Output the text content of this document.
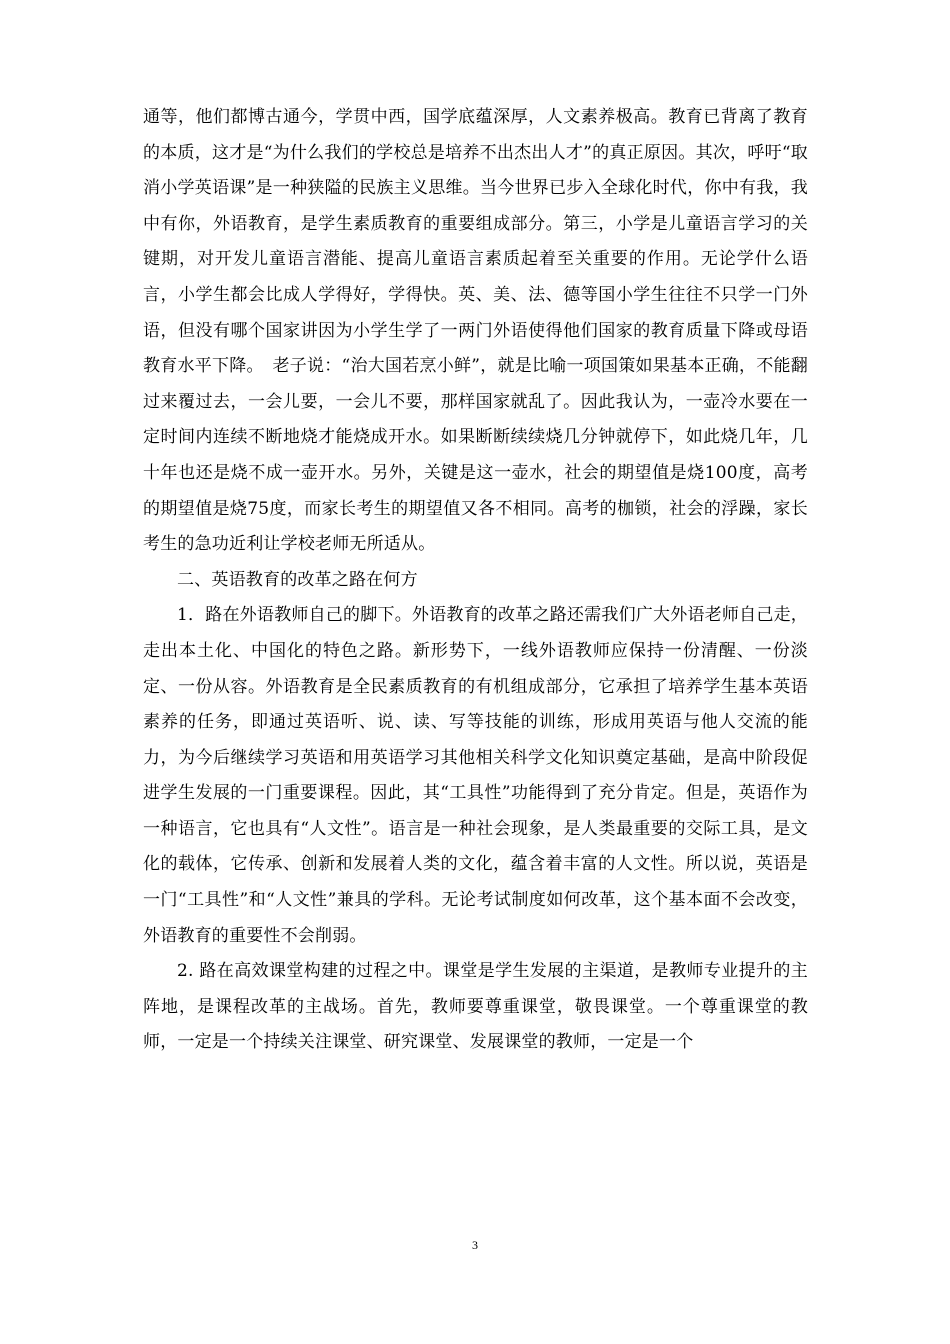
通等，他们都博古通今，学贯中西，国学底蕴深厚，人文素养极高。教育已背离了教育的本质，这才是“为什么我们的学校总是培养不出杰出人才”的真正原因。其次，呼吁“取消小学英语课”是一种狭隘的民族主义思维。当今世界已步入全球化时代，你中有我，我中有你，外语教育，是学生素质教育的重要组成部分。第三，小学是儿童语言学习的关键期，对开发儿童语言潜能、提高儿童语言素质起着至关重要的作用。无论学什么语言，小学生都会比成人学得好，学得快。英、美、法、德等国小学生往往不只学一门外语，但没有哪个国家讲因为小学生学了一两门外语使得他们国家的教育质量下降或母语教育水平下降。　老子说：“治大国若烹小鲜”，就是比喻一项国策如果基本正确，不能翻过来覆过去，一会儿要，一会儿不要，那样国家就乱了。因此我认为，一壶冷水要在一定时间内连续不断地烧才能烧成开水。如果断断续续烧几分钟就停下，如此烧几年，几十年也还是烧不成一壶开水。另外，关键是这一壶水，社会的期望值是烧100度，高考的期望值是烧75度，而家长考生的期望值又各不相同。高考的枷锁，社会的浮躁，家长考生的急功近利让学校老师无所适从。

二、英语教育的改革之路在何方

1．路在外语教师自己的脚下。外语教育的改革之路还需我们广大外语老师自己走，走出本土化、中国化的特色之路。新形势下，一线外语教师应保持一份清醒、一份淡定、一份从容。外语教育是全民素质教育的有机组成部分，它承担了培养学生基本英语素养的任务，即通过英语听、说、读、写等技能的训练，形成用英语与他人交流的能力，为今后继续学习英语和用英语学习其他相关科学文化知识奠定基础，是高中阶段促进学生发展的一门重要课程。因此，其“工具性”功能得到了充分肯定。但是，英语作为一种语言，它也具有“人文性”。语言是一种社会现象，是人类最重要的交际工具，是文化的载体，它传承、创新和发展着人类的文化，蕴含着丰富的人文性。所以说，英语是一门“工具性”和“人文性”兼具的学科。无论考试制度如何改革，这个基本面不会改变，外语教育的重要性不会削弱。

2. 路在高效课堂构建的过程之中。课堂是学生发展的主渠道，是教师专业提升的主阵地，是课程改革的主战场。首先，教师要尊重课堂，敬畏课堂。一个尊重课堂的教师，一定是一个持续关注课堂、研究课堂、发展课堂的教师，一定是一个

3
